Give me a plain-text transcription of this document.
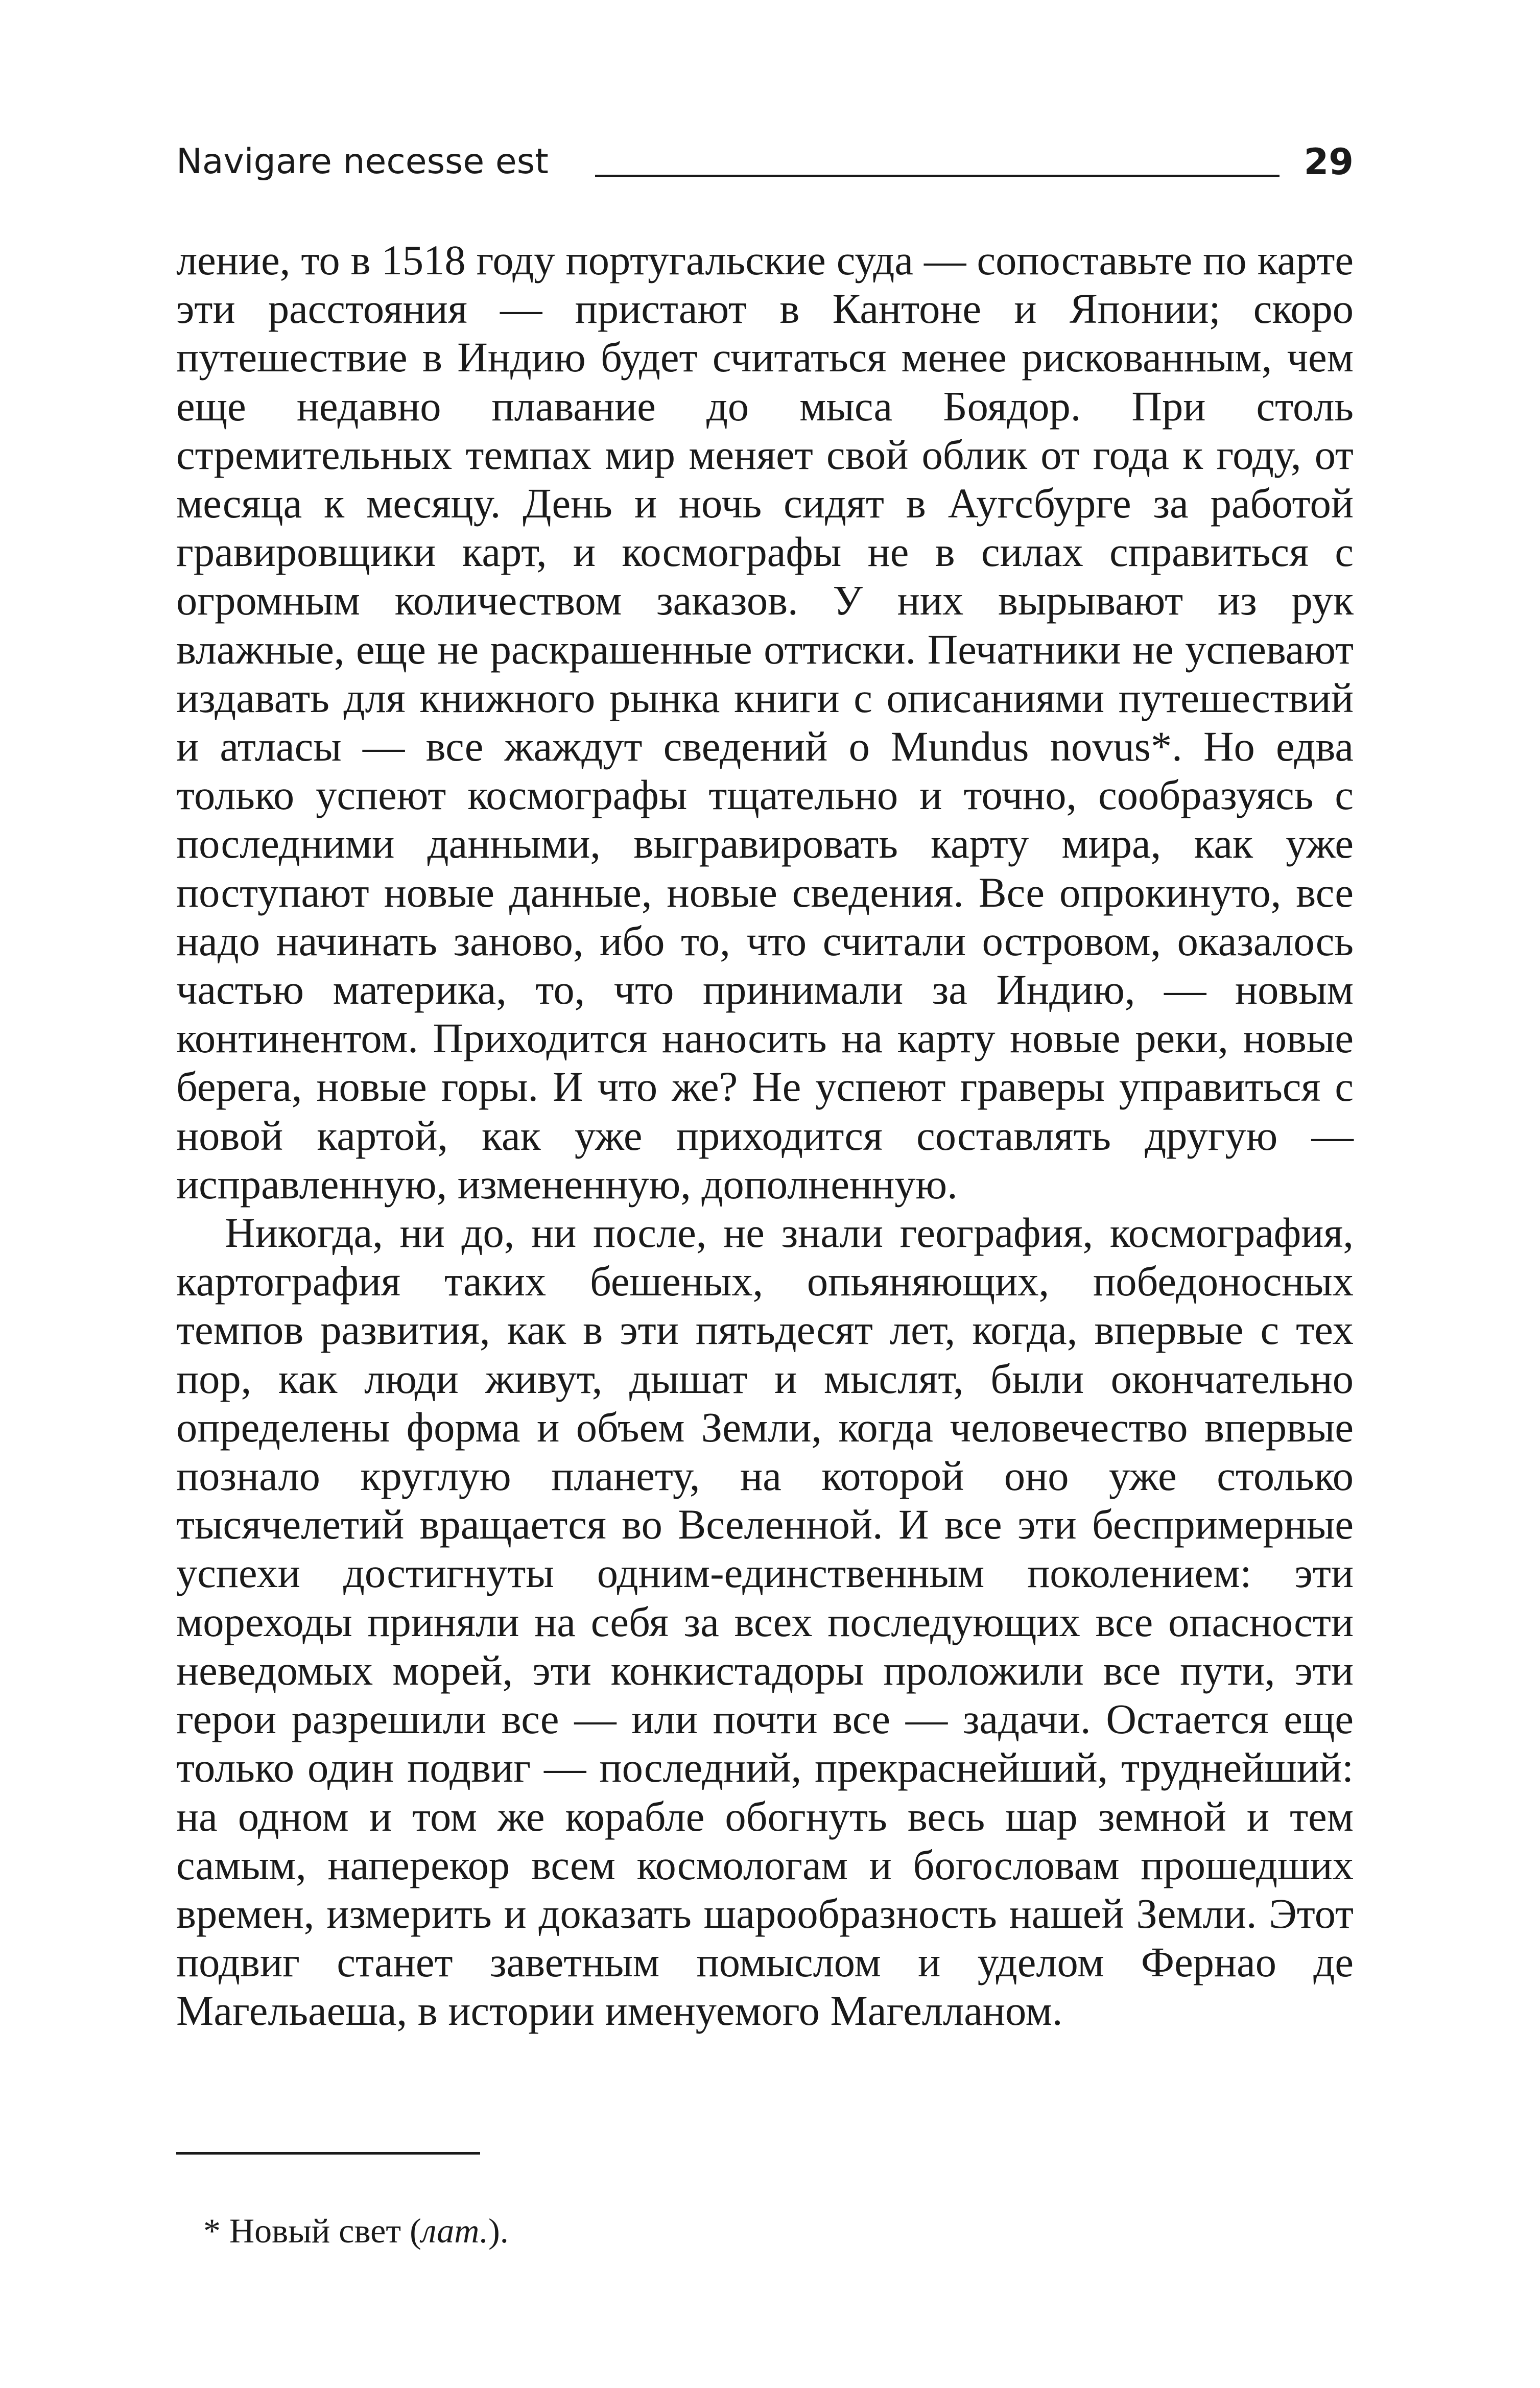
Navigare necesse est	29

ление, то в 1518 году португальские суда — сопоставьте по карте эти расстояния — пристают в Кантоне и Японии; скоро путешествие в Индию будет считаться менее рискованным, чем еще недавно плавание до мыса Боядор. При столь стремительных темпах мир меняет свой облик от года к году, от месяца к месяцу. День и ночь сидят в Аугсбурге за работой гравировщики карт, и космографы не в силах справиться с огромным количеством заказов. У них вырывают из рук влажные, еще не раскрашенные оттиски. Печатники не успевают издавать для книжного рынка книги с описаниями путешествий и атласы — все жаждут сведений о Mundus novus*. Но едва только успеют космографы тщательно и точно, сообразуясь с последними данными, выгравировать карту мира, как уже поступают новые данные, новые сведения. Все опрокинуто, все надо начинать заново, ибо то, что считали островом, оказалось частью материка, то, что принимали за Индию, — новым континентом. Приходится наносить на карту новые реки, новые берега, новые горы. И что же? Не успеют граверы управиться с новой картой, как уже приходится составлять другую — исправленную, измененную, дополненную.

Никогда, ни до, ни после, не знали география, космография, картография таких бешеных, опьяняющих, победоносных темпов развития, как в эти пятьдесят лет, когда, впервые с тех пор, как люди живут, дышат и мыслят, были окончательно определены форма и объем Земли, когда человечество впервые познало круглую планету, на которой оно уже столько тысячелетий вращается во Вселенной. И все эти беспримерные успехи достигнуты одним-единственным поколением: эти мореходы приняли на себя за всех последующих все опасности неведомых морей, эти конкистадоры проложили все пути, эти герои разрешили все — или почти все — задачи. Остается еще только один подвиг — последний, прекраснейший, труднейший: на одном и том же корабле обогнуть весь шар земной и тем самым, наперекор всем космологам и богословам прошедших времен, измерить и доказать шарообразность нашей Земли. Этот подвиг станет заветным помыслом и уделом Фернао де Магельаеша, в истории именуемого Магелланом.

* Новый свет (лат.).
